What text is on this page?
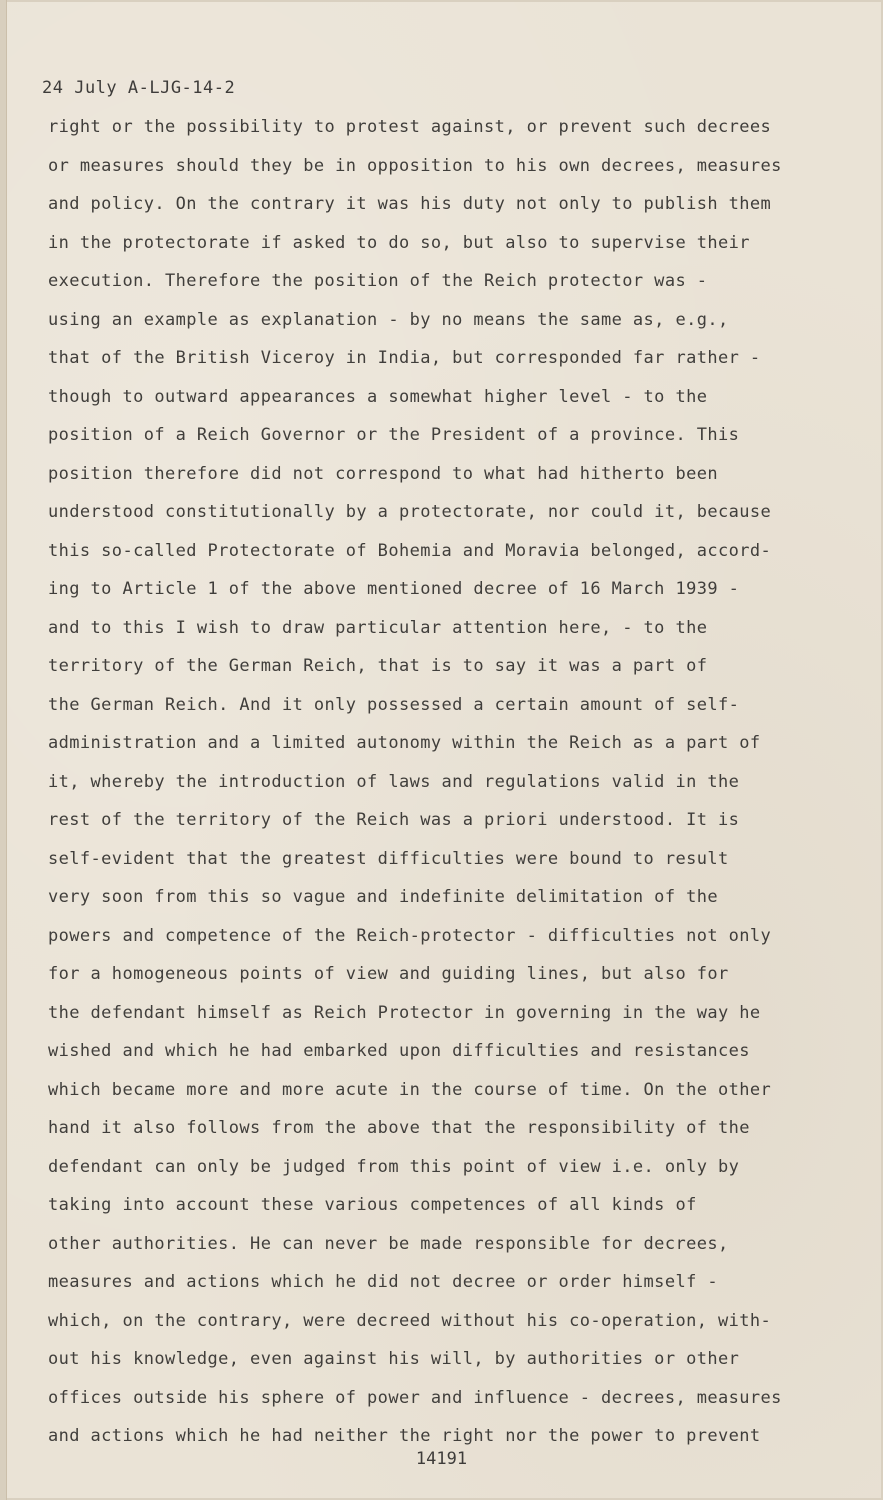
24 July A-LJG-14-2
right or the possibility to protest against, or prevent such decrees
or measures should they be in opposition to his own decrees, measures
and policy. On the contrary it was his duty not only to publish them
in the protectorate if asked to do so, but also to supervise their
execution. Therefore the position of the Reich protector was -
using an example as explanation - by no means the same as, e.g.,
that of the British Viceroy in India, but corresponded far rather -
though to outward appearances a somewhat higher level - to the
position of a Reich Governor or the President of a province. This
position therefore did not correspond to what had hitherto been
understood constitutionally by a protectorate, nor could it, because
this so-called Protectorate of Bohemia and Moravia belonged, accord-
ing to Article 1 of the above mentioned decree of 16 March 1939 -
and to this I wish to draw particular attention here, - to the
territory of the German Reich, that is to say it was a part of
the German Reich. And it only possessed a certain amount of self-
administration and a limited autonomy within the Reich as a part of
it, whereby the introduction of laws and regulations valid in the
rest of the territory of the Reich was a priori understood. It is
self-evident that the greatest difficulties were bound to result
very soon from this so vague and indefinite delimitation of the
powers and competence of the Reich-protector - difficulties not only
for a homogeneous points of view and guiding lines, but also for
the defendant himself as Reich Protector in governing in the way he
wished and which he had embarked upon difficulties and resistances
which became more and more acute in the course of time. On the other
hand it also follows from the above that the responsibility of the
defendant can only be judged from this point of view i.e. only by
taking into account these various competences of all kinds of
other authorities. He can never be made responsible for decrees,
measures and actions which he did not decree or order himself -
which, on the contrary, were decreed without his co-operation, with-
out his knowledge, even against his will, by authorities or other
offices outside his sphere of power and influence - decrees, measures
and actions which he had neither the right nor the power to prevent
14191
